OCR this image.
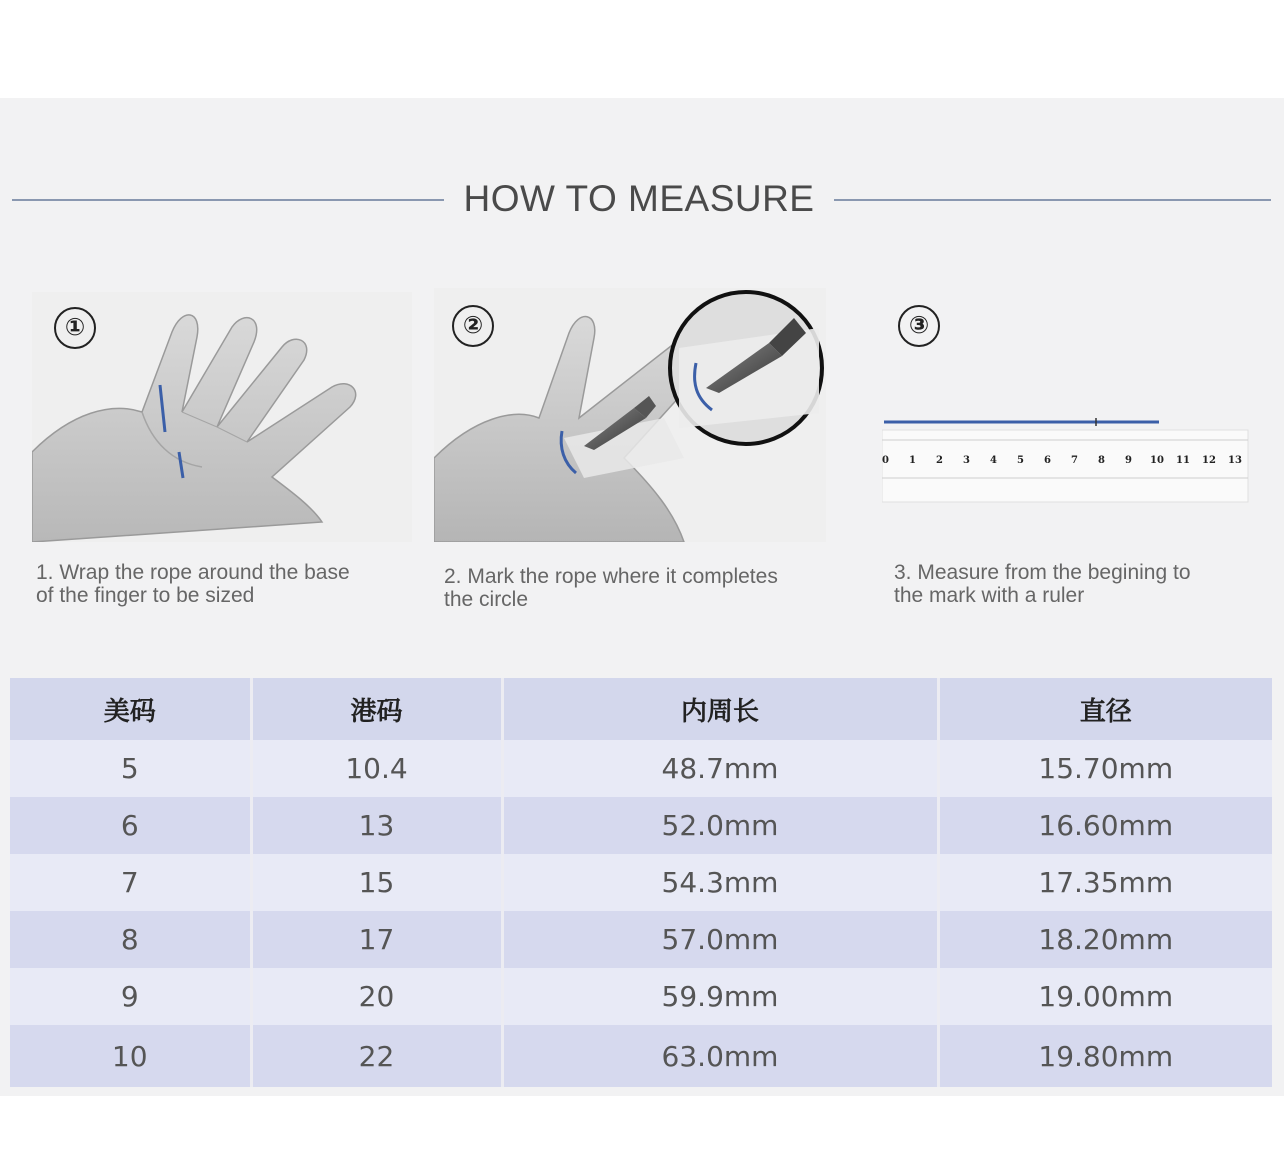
HOW TO MEASURE
①
1. Wrap the rope around the base
of the finger to be sized
②
2. Mark the rope where it completes
the circle
③
0 1 2 3 4 5 6 7 8 9 10 11 12 13
3. Measure from the begining to
the mark with a ruler
美码	港码	内周长	直径
5	10.4	48.7mm	15.70mm
6	13	52.0mm	16.60mm
7	15	54.3mm	17.35mm
8	17	57.0mm	18.20mm
9	20	59.9mm	19.00mm
10	22	63.0mm	19.80mm
